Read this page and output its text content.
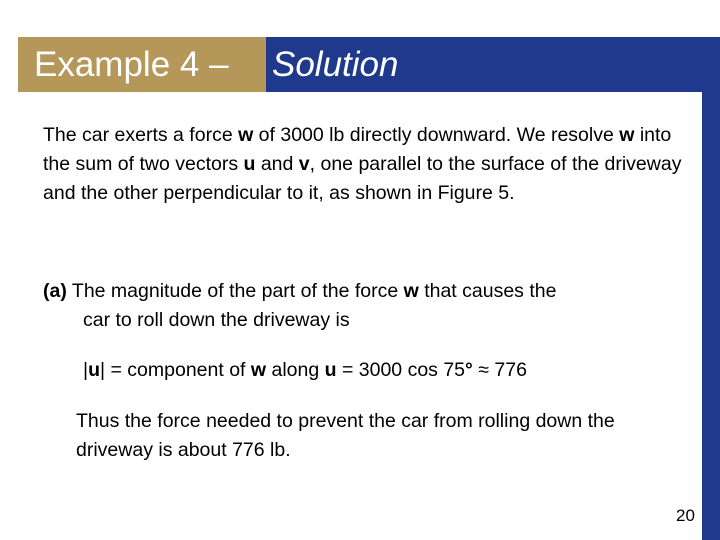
Example 4 – Solution
The car exerts a force w of 3000 lb directly downward. We resolve w into the sum of two vectors u and v, one parallel to the surface of the driveway and the other perpendicular to it, as shown in Figure 5.
(a) The magnitude of the part of the force w that causes the
car to roll down the driveway is
|u| = component of w along u = 3000 cos 75° ≈ 776
Thus the force needed to prevent the car from rolling down the driveway is about 776 lb.
20
